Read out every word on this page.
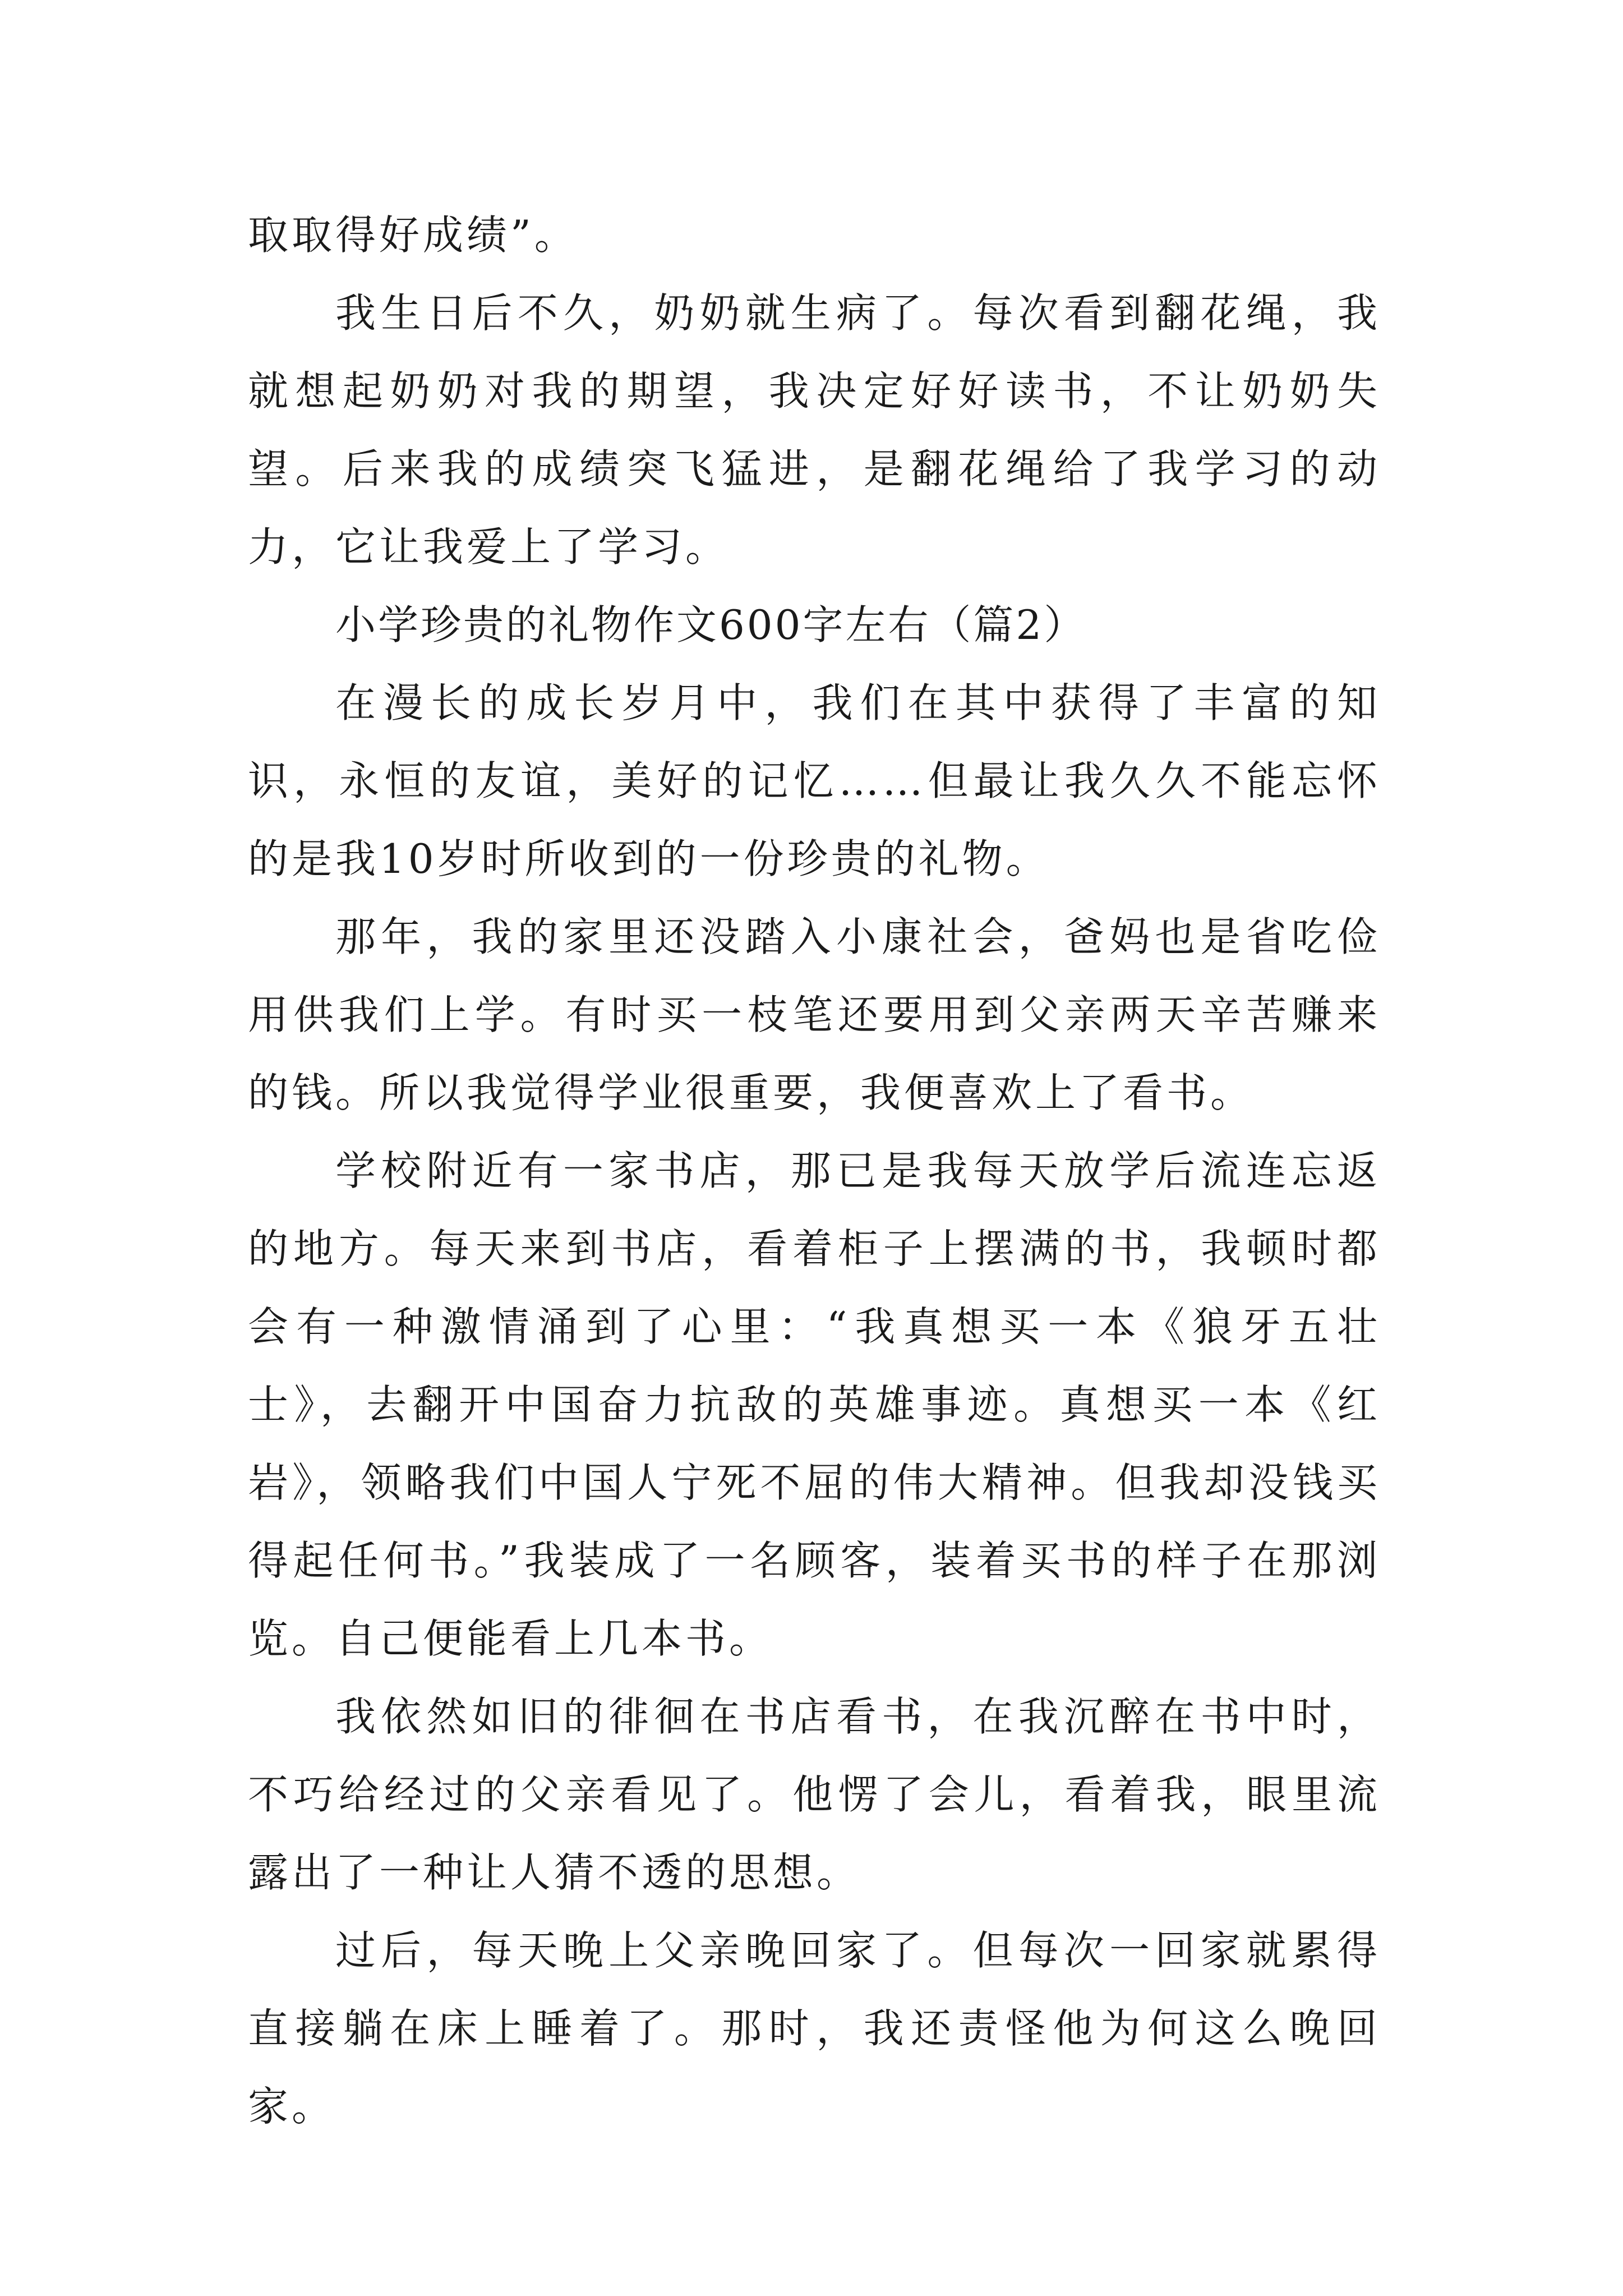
取取得好成绩”。

我生日后不久，奶奶就生病了。每次看到翻花绳，我就想起奶奶对我的期望，我决定好好读书，不让奶奶失望。后来我的成绩突飞猛进，是翻花绳给了我学习的动力，它让我爱上了学习。

小学珍贵的礼物作文600字左右（篇2）

在漫长的成长岁月中，我们在其中获得了丰富的知识，永恒的友谊，美好的记忆……但最让我久久不能忘怀的是我10岁时所收到的一份珍贵的礼物。

那年，我的家里还没踏入小康社会，爸妈也是省吃俭用供我们上学。有时买一枝笔还要用到父亲两天辛苦赚来的钱。所以我觉得学业很重要，我便喜欢上了看书。

学校附近有一家书店，那已是我每天放学后流连忘返的地方。每天来到书店，看着柜子上摆满的书，我顿时都会有一种激情涌到了心里：“我真想买一本《狼牙五壮士》，去翻开中国奋力抗敌的英雄事迹。真想买一本《红岩》，领略我们中国人宁死不屈的伟大精神。但我却没钱买得起任何书。”我装成了一名顾客，装着买书的样子在那浏览。自己便能看上几本书。

我依然如旧的徘徊在书店看书，在我沉醉在书中时，不巧给经过的父亲看见了。他愣了会儿，看着我，眼里流露出了一种让人猜不透的思想。

过后，每天晚上父亲晚回家了。但每次一回家就累得直接躺在床上睡着了。那时，我还责怪他为何这么晚回家。
